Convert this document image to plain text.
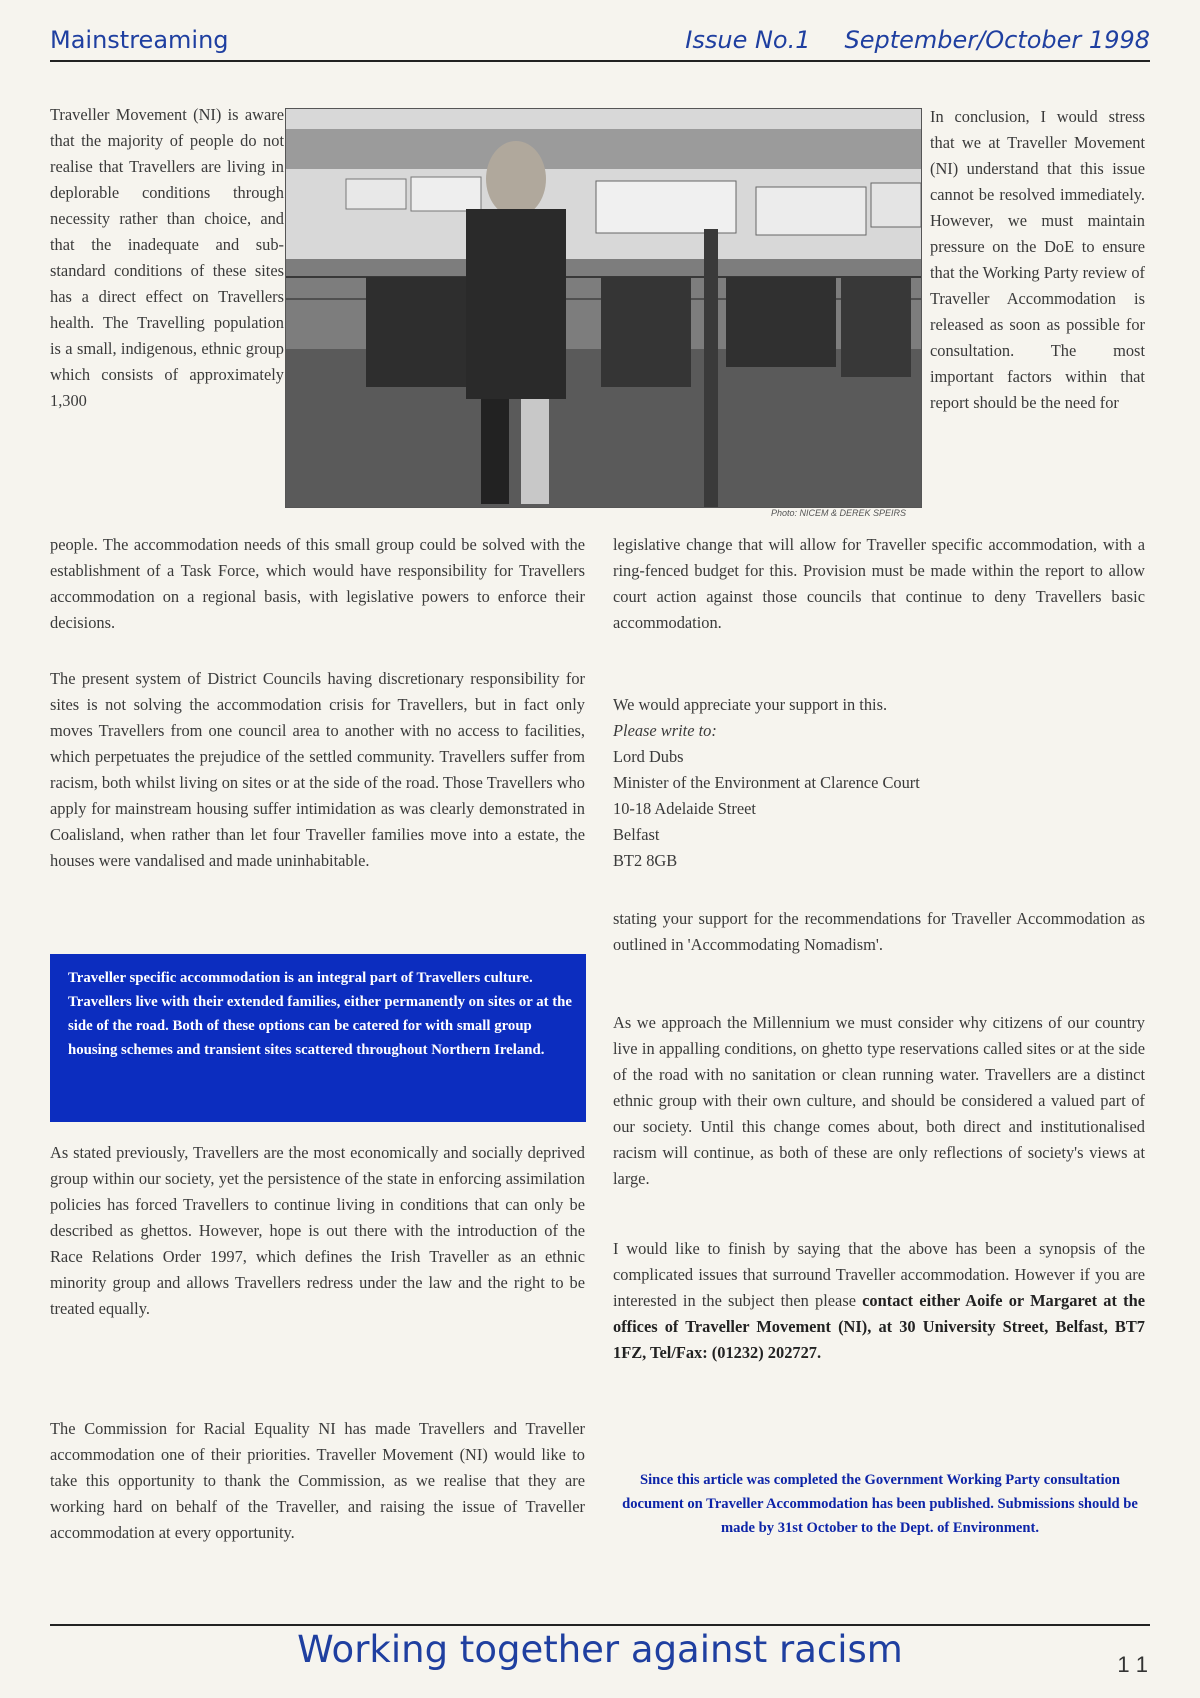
Mainstreaming	Issue No.1 September/October 1998

Traveller Movement (NI) is aware that the majority of people do not realise that Travellers are living in deplorable conditions through necessity rather than choice, and that the inadequate and sub-standard conditions of these sites has a direct effect on Travellers health. The Travelling population is a small, indigenous, ethnic group which consists of approximately 1,300

Photo: NICEM & DEREK SPEIRS

In conclusion, I would stress that we at Traveller Movement (NI) understand that this issue cannot be resolved immediately. However, we must maintain pressure on the DoE to ensure that the Working Party review of Traveller Accommodation is released as soon as possible for consultation. The most important factors within that report should be the need for

people. The accommodation needs of this small group could be solved with the establishment of a Task Force, which would have responsibility for Travellers accommodation on a regional basis, with legislative powers to enforce their decisions.

legislative change that will allow for Traveller specific accommodation, with a ring-fenced budget for this. Provision must be made within the report to allow court action against those councils that continue to deny Travellers basic accommodation.

The present system of District Councils having discretionary responsibility for sites is not solving the accommodation crisis for Travellers, but in fact only moves Travellers from one council area to another with no access to facilities, which perpetuates the prejudice of the settled community. Travellers suffer from racism, both whilst living on sites or at the side of the road. Those Travellers who apply for mainstream housing suffer intimidation as was clearly demonstrated in Coalisland, when rather than let four Traveller families move into a estate, the houses were vandalised and made uninhabitable.

Traveller specific accommodation is an integral part of Travellers culture. Travellers live with their extended families, either permanently on sites or at the side of the road. Both of these options can be catered for with small group housing schemes and transient sites scattered throughout Northern Ireland.

As stated previously, Travellers are the most economically and socially deprived group within our society, yet the persistence of the state in enforcing assimilation policies has forced Travellers to continue living in conditions that can only be described as ghettos. However, hope is out there with the introduction of the Race Relations Order 1997, which defines the Irish Traveller as an ethnic minority group and allows Travellers redress under the law and the right to be treated equally.

The Commission for Racial Equality NI has made Travellers and Traveller accommodation one of their priorities. Traveller Movement (NI) would like to take this opportunity to thank the Commission, as we realise that they are working hard on behalf of the Traveller, and raising the issue of Traveller accommodation at every opportunity.

We would appreciate your support in this.

Please write to:

Lord Dubs

Minister of the Environment at Clarence Court

10-18 Adelaide Street

Belfast

BT2 8GB

stating your support for the recommendations for Traveller Accommodation as outlined in 'Accommodating Nomadism'.

As we approach the Millennium we must consider why citizens of our country live in appalling conditions, on ghetto type reservations called sites or at the side of the road with no sanitation or clean running water. Travellers are a distinct ethnic group with their own culture, and should be considered a valued part of our society. Until this change comes about, both direct and institutionalised racism will continue, as both of these are only reflections of society's views at large.

I would like to finish by saying that the above has been a synopsis of the complicated issues that surround Traveller accommodation. However if you are interested in the subject then please contact either Aoife or Margaret at the offices of Traveller Movement (NI), at 30 University Street, Belfast, BT7 1FZ, Tel/Fax: (01232) 202727.

Since this article was completed the Government Working Party consultation document on Traveller Accommodation has been published. Submissions should be made by 31st October to the Dept. of Environment.
Working together against racism	1 1
